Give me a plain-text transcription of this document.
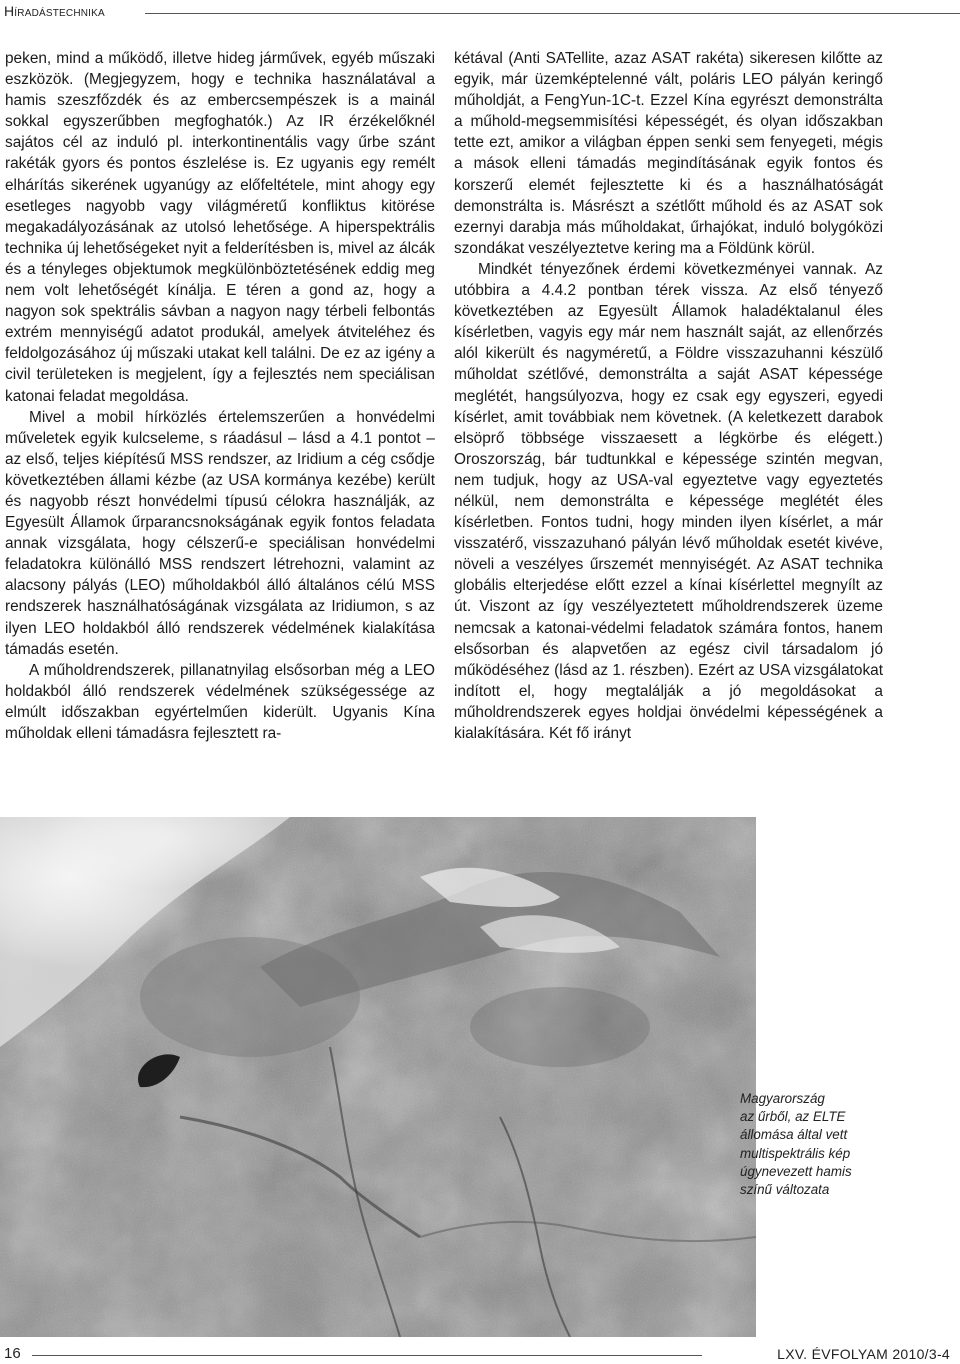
Híradástechnika

peken, mind a működő, illetve hideg járművek, egyéb műszaki eszközök. (Megjegyzem, hogy e technika használatával a hamis szeszfőzdék és az embercsempészek is a mainál sokkal egyszerűbben megfoghatók.) Az IR érzékelőknél sajátos cél az induló pl. interkontinentális vagy űrbe szánt rakéták gyors és pontos észlelése is. Ez ugyanis egy remélt elhárítás sikerének ugyanúgy az előfeltétele, mint ahogy egy esetleges nagyobb vagy világméretű konfliktus kitörése megakadályozásának az utolsó lehetősége. A hiperspektrális technika új lehetőségeket nyit a felderítésben is, mivel az álcák és a tényleges objektumok megkülönböztetésének eddig meg nem volt lehetőségét kínálja. E téren a gond az, hogy a nagyon sok spektrális sávban a nagyon nagy térbeli felbontás extrém mennyiségű adatot produkál, amelyek átviteléhez és feldolgozásához új műszaki utakat kell találni. De ez az igény a civil területeken is megjelent, így a fejlesztés nem speciálisan katonai feladat megoldása.

Mivel a mobil hírközlés értelemszerűen a honvédelmi műveletek egyik kulcseleme, s ráadásul – lásd a 4.1 pontot – az első, teljes kiépítésű MSS rendszer, az Iridium a cég csődje következtében állami kézbe (az USA kormánya kezébe) került és nagyobb részt honvédelmi típusú célokra használják, az Egyesült Államok űrparancsnokságának egyik fontos feladata annak vizsgálata, hogy célszerű-e speciálisan honvédelmi feladatokra különálló MSS rendszert létrehozni, valamint az alacsony pályás (LEO) műholdakból álló általános célú MSS rendszerek használhatóságának vizsgálata az Iridiumon, s az ilyen LEO holdakból álló rendszerek védelmének kialakítása támadás esetén.

A műholdrendszerek, pillanatnyilag elsősorban még a LEO holdakból álló rendszerek védelmének szükségessége az elmúlt időszakban egyértelműen kiderült. Ugyanis Kína műholdak elleni támadásra fejlesztett ra-

kétával (Anti SATellite, azaz ASAT rakéta) sikeresen kilőtte az egyik, már üzemképtelenné vált, poláris LEO pályán keringő műholdját, a FengYun-1C-t. Ezzel Kína egyrészt demonstrálta a műhold-megsemmisítési képességét, és olyan időszakban tette ezt, amikor a világban éppen senki sem fenyegeti, mégis a mások elleni támadás megindításának egyik fontos és korszerű elemét fejlesztette ki és a használhatóságát demonstrálta is. Másrészt a szétlőtt műhold és az ASAT sok ezernyi darabja más műholdakat, űrhajókat, induló bolygóközi szondákat veszélyeztetve kering ma a Földünk körül.

Mindkét tényezőnek érdemi következményei vannak. Az utóbbira a 4.4.2 pontban térek vissza. Az első tényező következtében az Egyesült Államok haladéktalanul éles kísérletben, vagyis egy már nem használt saját, az ellenőrzés alól kikerült és nagyméretű, a Földre visszazuhanni készülő műholdat szétlővé, demonstrálta a saját ASAT képessége meglétét, hangsúlyozva, hogy ez csak egy egyszeri, egyedi kísérlet, amit továbbiak nem követnek. (A keletkezett darabok elsöprő többsége visszaesett a légkörbe és elégett.) Oroszország, bár tudtunkkal e képessége szintén megvan, nem tudjuk, hogy az USA-val egyeztetve vagy egyeztetés nélkül, nem demonstrálta e képessége meglétét éles kísérletben. Fontos tudni, hogy minden ilyen kísérlet, a már visszatérő, visszazuhanó pályán lévő műholdak esetét kivéve, növeli a veszélyes űrszemét mennyiségét. Az ASAT technika globális elterjedése előtt ezzel a kínai kísérlettel megnyílt az út. Viszont az így veszélyeztetett műholdrendszerek üzeme nemcsak a katonai-védelmi feladatok számára fontos, hanem elsősorban és alapvetően az egész civil társadalom jó működéséhez (lásd az 1. részben). Ezért az USA vizsgálatokat indított el, hogy megtalálják a jó megoldásokat a műholdrendszerek egyes holdjai önvédelmi képességének a kialakítására. Két fő irányt

Magyarország
az űrből, az ELTE
állomása által vett
multispektrális kép
úgynevezett hamis
színű változata
16	LXV. ÉVFOLYAM 2010/3-4
